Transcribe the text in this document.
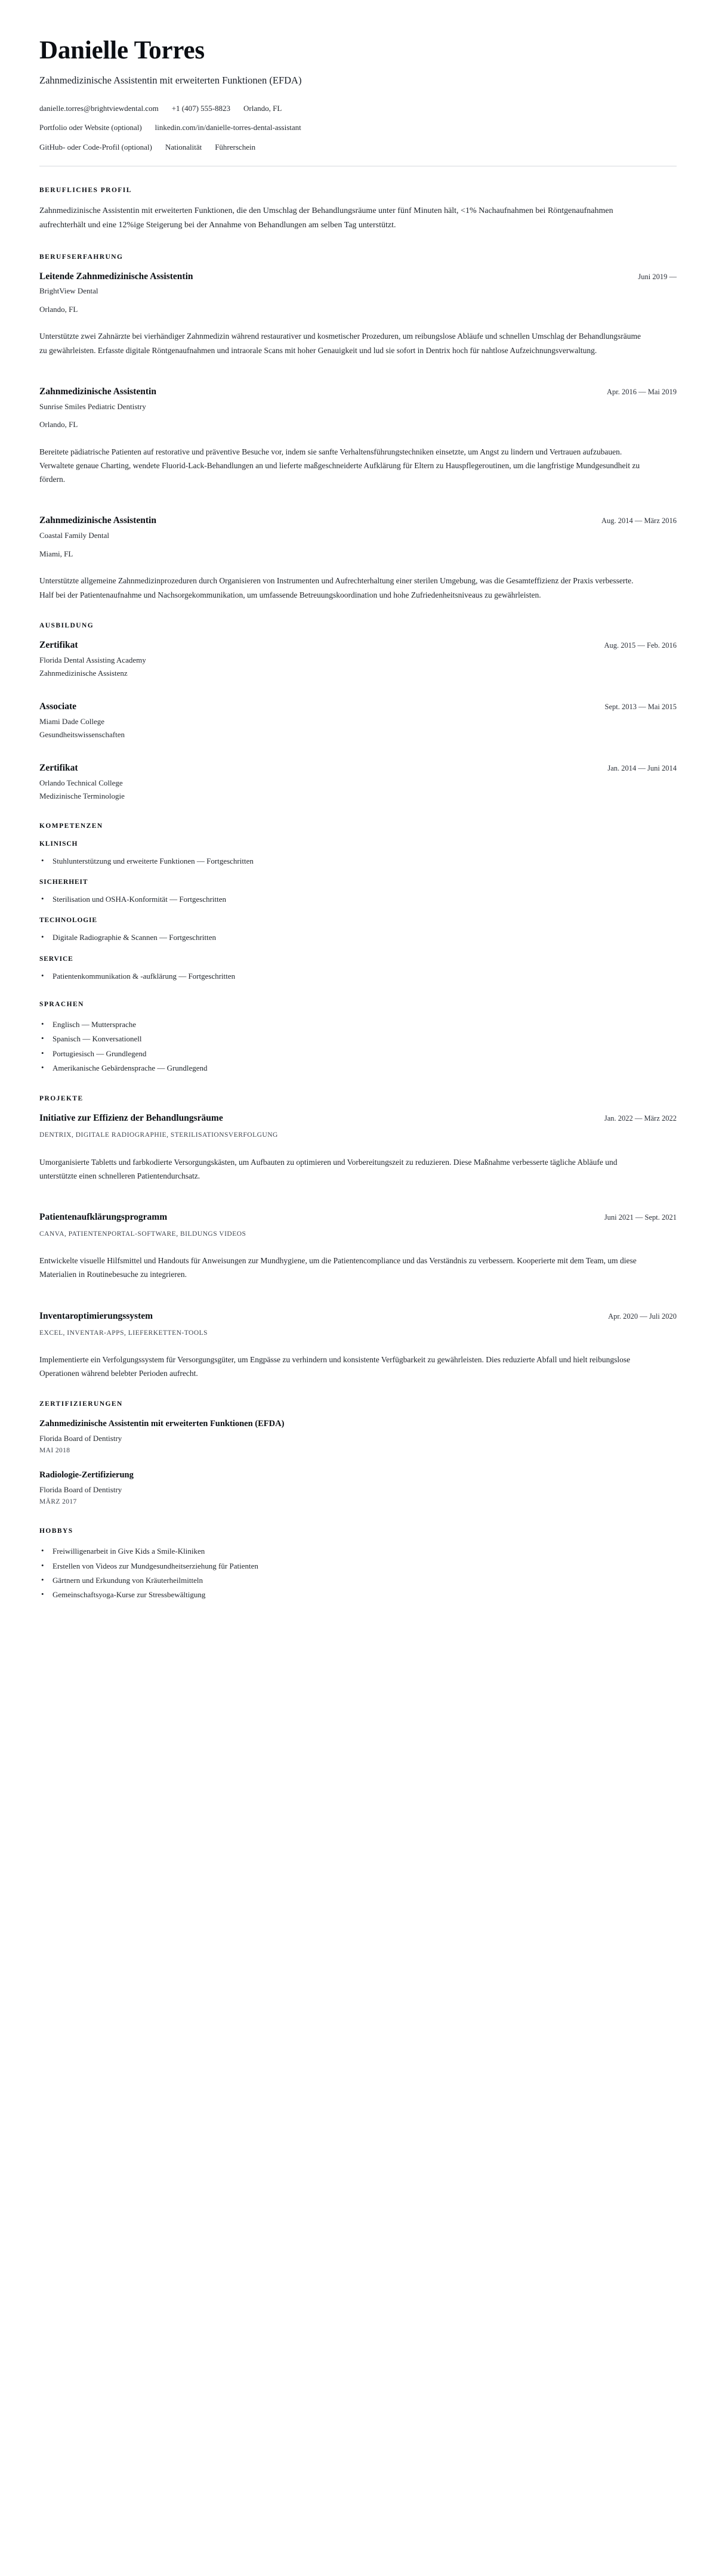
Danielle Torres
Zahnmedizinische Assistentin mit erweiterten Funktionen (EFDA)
danielle.torres@brightviewdental.com +1 (407) 555-8823 Orlando, FL
Portfolio oder Website (optional) linkedin.com/in/danielle-torres-dental-assistant
GitHub- oder Code-Profil (optional) Nationalität Führerschein
BERUFLICHES PROFIL

Zahnmedizinische Assistentin mit erweiterten Funktionen, die den Umschlag der Behandlungsräume unter fünf Minuten hält, <1% Nachaufnahmen bei Röntgenaufnahmen aufrechterhält und eine 12%ige Steigerung bei der Annahme von Behandlungen am selben Tag unterstützt.

BERUFSERFAHRUNG
Leitende Zahnmedizinische Assistentin	Juni 2019 —
BrightView Dental
Orlando, FL

Unterstützte zwei Zahnärzte bei vierhändiger Zahnmedizin während restaurativer und kosmetischer Prozeduren, um reibungslose Abläufe und schnellen Umschlag der Behandlungsräume zu gewährleisten. Erfasste digitale Röntgenaufnahmen und intraorale Scans mit hoher Genauigkeit und lud sie sofort in Dentrix hoch für nahtlose Aufzeichnungsverwaltung.

Zahnmedizinische Assistentin	Apr. 2016 — Mai 2019
Sunrise Smiles Pediatric Dentistry
Orlando, FL

Bereitete pädiatrische Patienten auf restorative und präventive Besuche vor, indem sie sanfte Verhaltensführungstechniken einsetzte, um Angst zu lindern und Vertrauen aufzubauen. Verwaltete genaue Charting, wendete Fluorid-Lack-Behandlungen an und lieferte maßgeschneiderte Aufklärung für Eltern zu Hauspflegeroutinen, um die langfristige Mundgesundheit zu fördern.

Zahnmedizinische Assistentin	Aug. 2014 — März 2016
Coastal Family Dental
Miami, FL

Unterstützte allgemeine Zahnmedizinprozeduren durch Organisieren von Instrumenten und Aufrechterhaltung einer sterilen Umgebung, was die Gesamteffizienz der Praxis verbesserte. Half bei der Patientenaufnahme und Nachsorgekommunikation, um umfassende Betreuungskoordination und hohe Zufriedenheitsniveaus zu gewährleisten.

AUSBILDUNG
Zertifikat	Aug. 2015 — Feb. 2016
Florida Dental Assisting Academy
Zahnmedizinische Assistenz
Associate	Sept. 2013 — Mai 2015
Miami Dade College
Gesundheitswissenschaften
Zertifikat	Jan. 2014 — Juni 2014
Orlando Technical College
Medizinische Terminologie
KOMPETENZEN
KLINISCH
• Stuhlunterstützung und erweiterte Funktionen — Fortgeschritten
SICHERHEIT
• Sterilisation und OSHA-Konformität — Fortgeschritten
TECHNOLOGIE
• Digitale Radiographie & Scannen — Fortgeschritten
SERVICE
• Patientenkommunikation & -aufklärung — Fortgeschritten
SPRACHEN
• Englisch — Muttersprache
• Spanisch — Konversationell
• Portugiesisch — Grundlegend
• Amerikanische Gebärdensprache — Grundlegend
PROJEKTE
Initiative zur Effizienz der Behandlungsräume	Jan. 2022 — März 2022
DENTRIX, DIGITALE RADIOGRAPHIE, STERILISATIONSVERFOLGUNG

Umorganisierte Tabletts und farbkodierte Versorgungskästen, um Aufbauten zu optimieren und Vorbereitungszeit zu reduzieren. Diese Maßnahme verbesserte tägliche Abläufe und unterstützte einen schnelleren Patientendurchsatz.

Patientenaufklärungsprogramm	Juni 2021 — Sept. 2021
CANVA, PATIENTENPORTAL-SOFTWARE, BILDUNGS VIDEOS

Entwickelte visuelle Hilfsmittel und Handouts für Anweisungen zur Mundhygiene, um die Patientencompliance und das Verständnis zu verbessern. Kooperierte mit dem Team, um diese Materialien in Routinebesuche zu integrieren.

Inventaroptimierungssystem	Apr. 2020 — Juli 2020
EXCEL, INVENTAR-APPS, LIEFERKETTEN-TOOLS

Implementierte ein Verfolgungssystem für Versorgungsgüter, um Engpässe zu verhindern und konsistente Verfügbarkeit zu gewährleisten. Dies reduzierte Abfall und hielt reibungslose Operationen während belebter Perioden aufrecht.

ZERTIFIZIERUNGEN
Zahnmedizinische Assistentin mit erweiterten Funktionen (EFDA)
Florida Board of Dentistry
MAI 2018
Radiologie-Zertifizierung
Florida Board of Dentistry
MÄRZ 2017
HOBBYS
• Freiwilligenarbeit in Give Kids a Smile-Kliniken
• Erstellen von Videos zur Mundgesundheitserziehung für Patienten
• Gärtnern und Erkundung von Kräuterheilmitteln
• Gemeinschaftsyoga-Kurse zur Stressbewältigung
